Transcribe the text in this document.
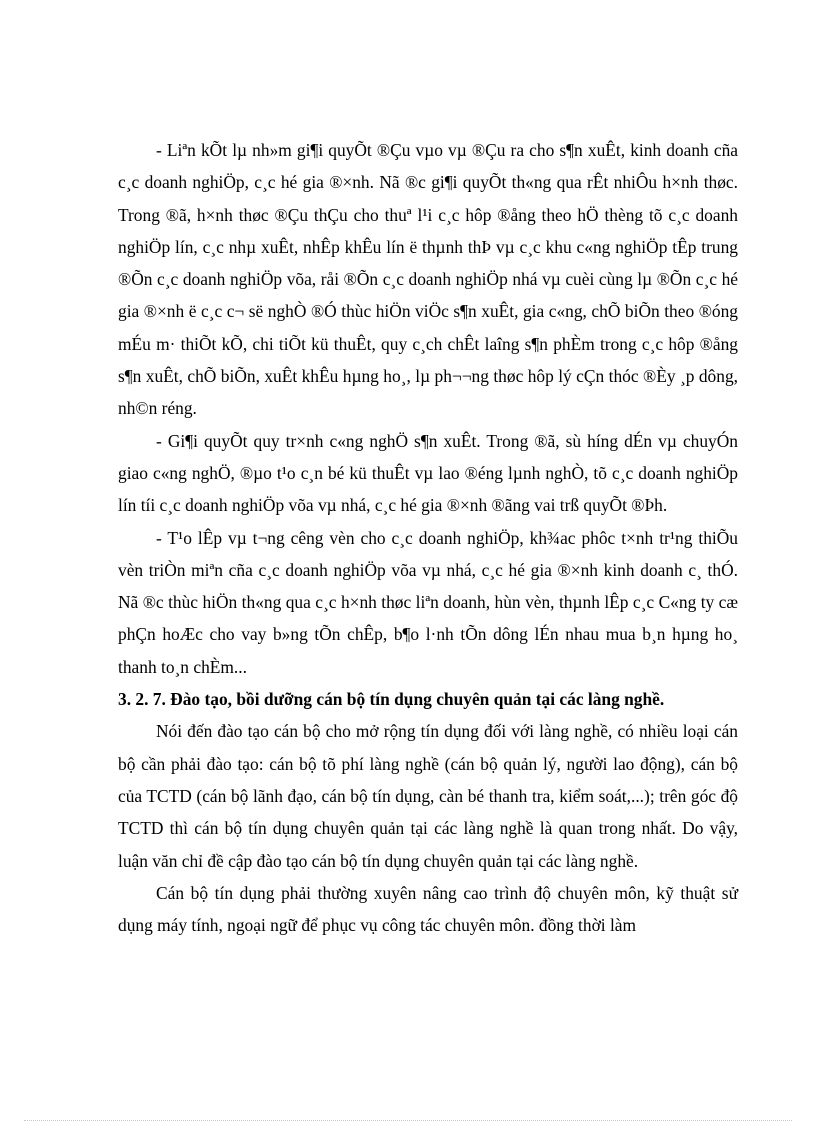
- Liªn kÕt lµ nh»m gi¶i quyÕt ®Çu vµo vµ ®Çu ra cho s¶n xuÊt, kinh doanh cña c¸c doanh nghiÖp, c¸c hé gia ®×nh. Nã ®c gi¶i quyÕt th«ng qua rÊt nhiÔu h×nh thøc. Trong ®ã, h×nh thøc ®Çu thÇu cho thuª l¹i c¸c hôp ®ång theo hÖ thèng tõ c¸c doanh nghiÖp lín, c¸c nhµ xuÊt, nhÊp khÊu lín ë thµnh thÞ vµ c¸c khu c«ng nghiÖp tÊp trung ®Õn c¸c doanh nghiÖp võa, råi ®Õn c¸c doanh nghiÖp nhá vµ cuèi cùng lµ ®Õn c¸c hé gia ®×nh ë c¸c c¬ së nghÒ ®Ó thùc hiÖn viÖc s¶n xuÊt, gia c«ng, chÕ biÕn theo ®óng mÉu m· thiÕt kÕ, chi tiÕt kü thuÊt, quy c¸ch chÊt laîng s¶n phÈm trong c¸c hôp ®ång s¶n xuÊt, chÕ biÕn, xuÊt khÊu hµng ho¸, lµ ph¬¬ng thøc hôp lý cÇn thóc ®Èy ¸p dông, nh©n réng.

- Gi¶i quyÕt quy tr×nh c«ng nghÖ s¶n xuÊt. Trong ®ã, sù híng dÉn vµ chuyÓn giao c«ng nghÖ, ®µo t¹o c¸n bé kü thuÊt vµ lao ®éng lµnh nghÒ, tõ c¸c doanh nghiÖp lín tíi c¸c doanh nghiÖp võa vµ nhá, c¸c hé gia ®×nh ®ãng vai trß quyÕt ®Þh.

- T¹o lÊp vµ t¬ng cêng vèn cho c¸c doanh nghiÖp, kh¾ac phôc t×nh tr¹ng thiÕu vèn triÒn miªn cña c¸c doanh nghiÖp võa vµ nhá, c¸c hé gia ®×nh kinh doanh c¸ thÓ. Nã ®c thùc hiÖn th«ng qua c¸c h×nh thøc liªn doanh, hùn vèn, thµnh lÊp c¸c C«ng ty cæ phÇn hoÆc cho vay b»ng tÕn chÊp, b¶o l·nh tÕn dông lÉn nhau mua b¸n hµng ho¸ thanh to¸n chÈm...

3. 2. 7. Đào tạo, bồi dưỡng cán bộ tín dụng chuyên quản tại các làng nghề.

Nói đến đào tạo cán bộ cho mở rộng tín dụng đối với làng nghề, có nhiều loại cán bộ cần phải đào tạo: cán bộ tõ phí làng nghề (cán bộ quản lý, người lao động), cán bộ của TCTD (cán bộ lãnh đạo, cán bộ tín dụng, càn bé thanh tra, kiểm soát,...); trên góc độ TCTD thì cán bộ tín dụng chuyên quản tại các làng nghề là quan trong nhất. Do vậy, luận văn chỉ đề cập đào tạo cán bộ tín dụng chuyên quản tại các làng nghề.

Cán bộ tín dụng phải thường xuyên nâng cao trình độ chuyên môn, kỹ thuật sử dụng máy tính, ngoại ngữ để phục vụ công tác chuyên môn. đồng thời làm
